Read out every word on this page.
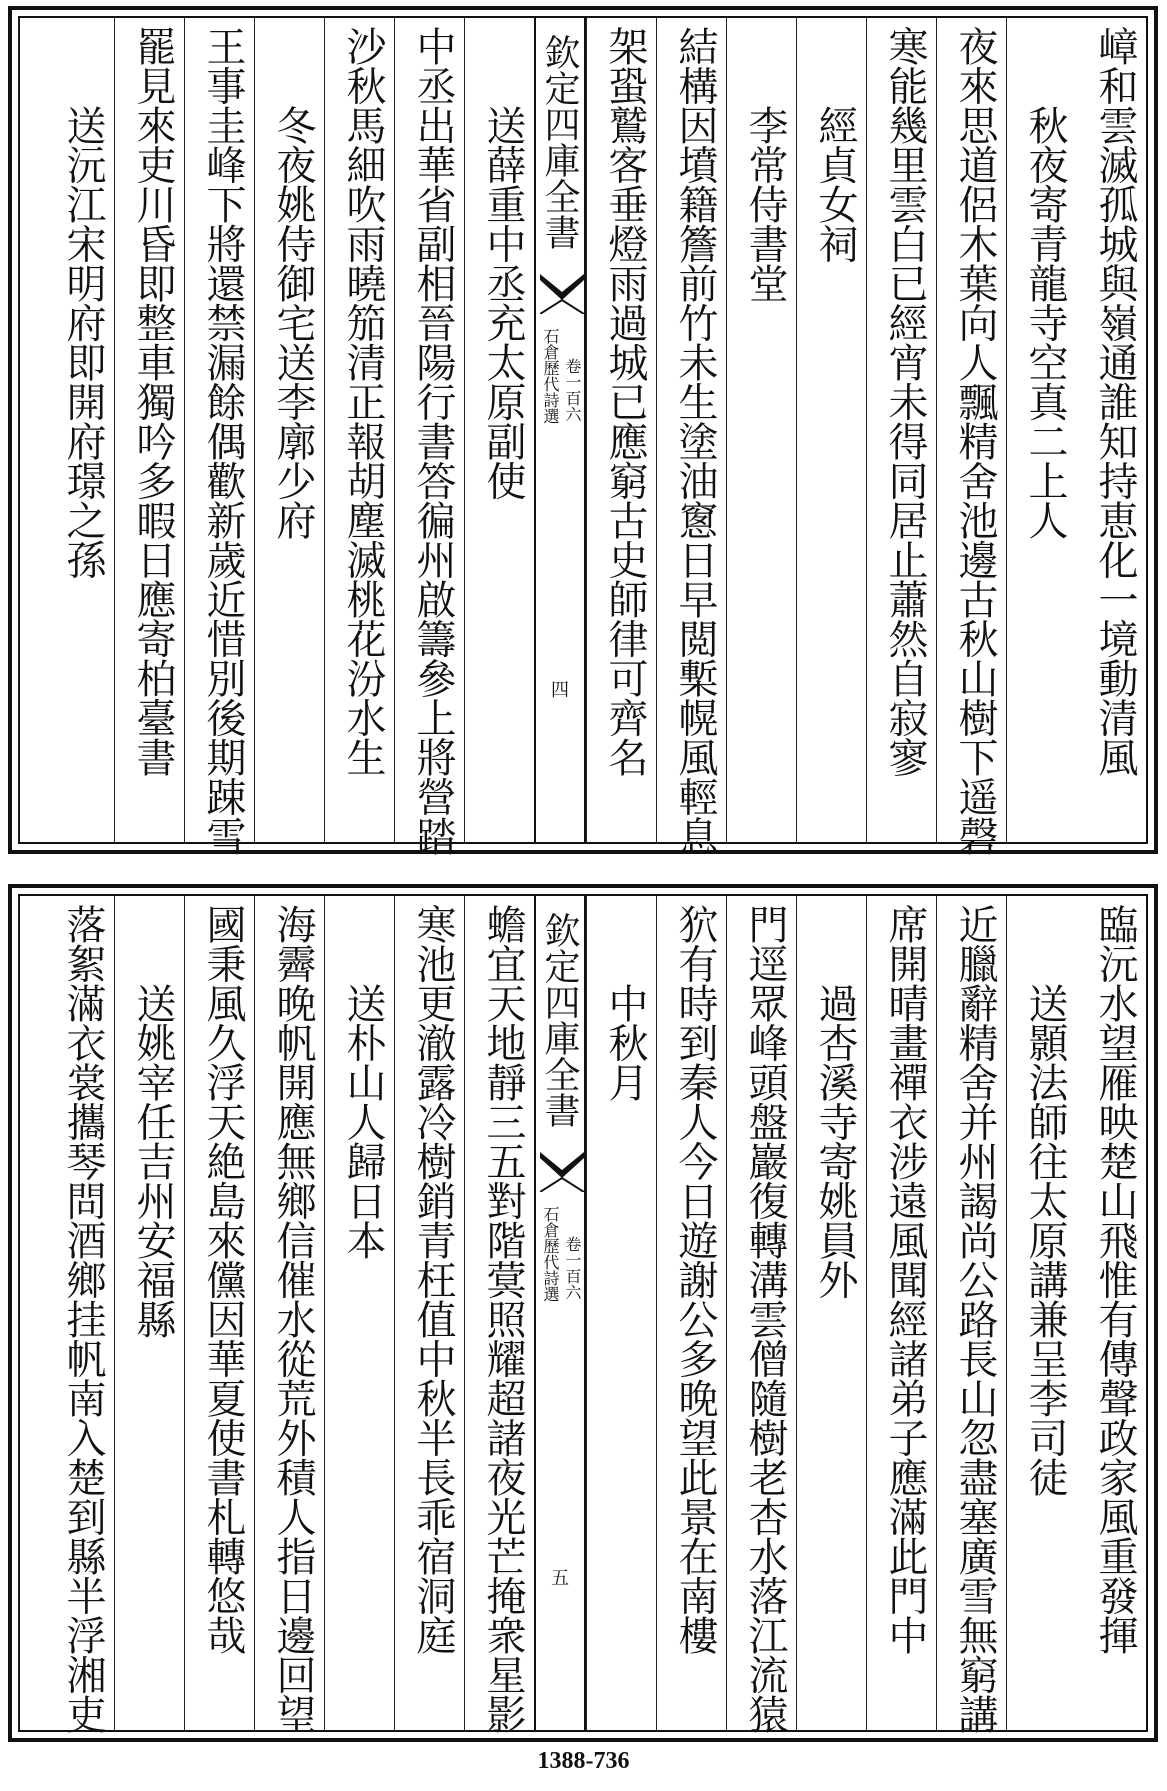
嶂和雲滅孤城與嶺通誰知持恵化一境動清風
　　秋夜寄青龍寺空真二上人
夜來思道侶木葉向人飄精舍池邊古秋山樹下遥磬
寒能幾里雲白已經宵未得同居止蕭然自寂寥
　　經貞女祠
　　李常侍書堂
結構因墳籍簷前竹未生塗油窻日早閲槧幌風輕息
架蛩鷲客垂燈雨過城已應窮古史師律可齊名
欽定四庫全書
石倉歷代詩選 卷一百六
四
　　送薛重中丞充太原副使
中丞出華省副相晉陽行書答徧州啟籌參上將營踏
沙秋馬細吹雨曉笳清正報胡塵滅桃花汾水生
　　冬夜姚侍御宅送李廓少府
王事圭峰下將還禁漏餘偶歡新歲近惜別後期踈雪
罷見來吏川昏即整車獨吟多暇日應寄柏臺書
　　送沅江宋明府即開府璟之孫
臨沅水望雁映楚山飛惟有傳聲政家風重發揮
　　送顥法師往太原講兼呈李司徒
近臘辭精舍并州謁尚公路長山忽盡塞廣雪無窮講
席開晴畫禪衣涉遠風聞經諸弟子應滿此門中
　　過杏溪寺寄姚員外
門逕眾峰頭盤巖復轉溝雲僧隨樹老杏水落江流猿
狖有時到秦人今日遊謝公多晚望此景在南樓
　　中秋月
欽定四庫全書
石倉歷代詩選 卷一百六
五
蟾宜天地靜三五對階蓂照耀超諸夜光芒掩衆星影
寒池更澈露冷樹銷青枉值中秋半長乖宿洞庭
　　送朴山人歸日本
海霽晚帆開應無鄉信催水從荒外積人指日邊回望
國秉風久浮天絶島來儻因華夏使書札轉悠哉
　　送姚宰任吉州安福縣
落絮滿衣裳攜琴問酒鄉挂帆南入楚到縣半浮湘吏
1388-736
